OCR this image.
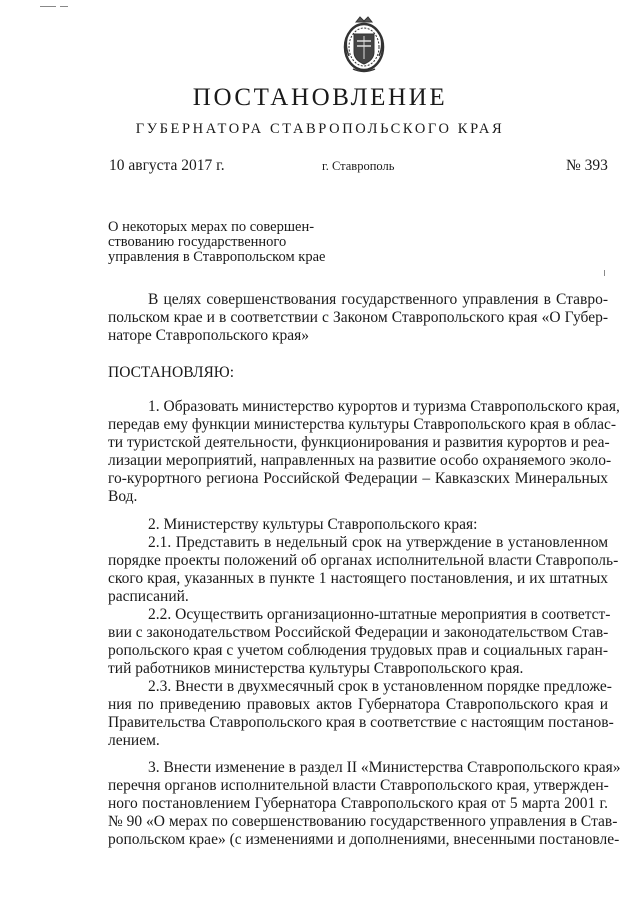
ПОСТАНОВЛЕНИЕ
ГУБЕРНАТОРА СТАВРОПОЛЬСКОГО КРАЯ
10 августа 2017 г.	г. Ставрополь	№ 393
О некоторых мерах по совершен-
ствованию государственного
управления в Ставропольском крае
В целях совершенствования государственного управления в Ставро-
польском крае и в соответствии с Законом Ставропольского края «О Губер-
наторе Ставропольского края»
ПОСТАНОВЛЯЮ:
1. Образовать министерство курортов и туризма Ставропольского края,
передав ему функции министерства культуры Ставропольского края в облас-
ти туристской деятельности, функционирования и развития курортов и реа-
лизации мероприятий, направленных на развитие особо охраняемого эколо-
го-курортного региона Российской Федерации – Кавказских Минеральных
Вод.
2. Министерству культуры Ставропольского края:
2.1. Представить в недельный срок на утверждение в установленном
порядке проекты положений об органах исполнительной власти Ставрополь-
ского края, указанных в пункте 1 настоящего постановления, и их штатных
расписаний.
2.2. Осуществить организационно-штатные мероприятия в соответст-
вии с законодательством Российской Федерации и законодательством Став-
ропольского края с учетом соблюдения трудовых прав и социальных гаран-
тий работников министерства культуры Ставропольского края.
2.3. Внести в двухмесячный срок в установленном порядке предложе-
ния по приведению правовых актов Губернатора Ставропольского края и
Правительства Ставропольского края в соответствие с настоящим постанов-
лением.
3. Внести изменение в раздел II «Министерства Ставропольского края»
перечня органов исполнительной власти Ставропольского края, утвержден-
ного постановлением Губернатора Ставропольского края от 5 марта 2001 г.
№ 90 «О мерах по совершенствованию государственного управления в Став-
ропольском крае» (с изменениями и дополнениями, внесенными постановле-
